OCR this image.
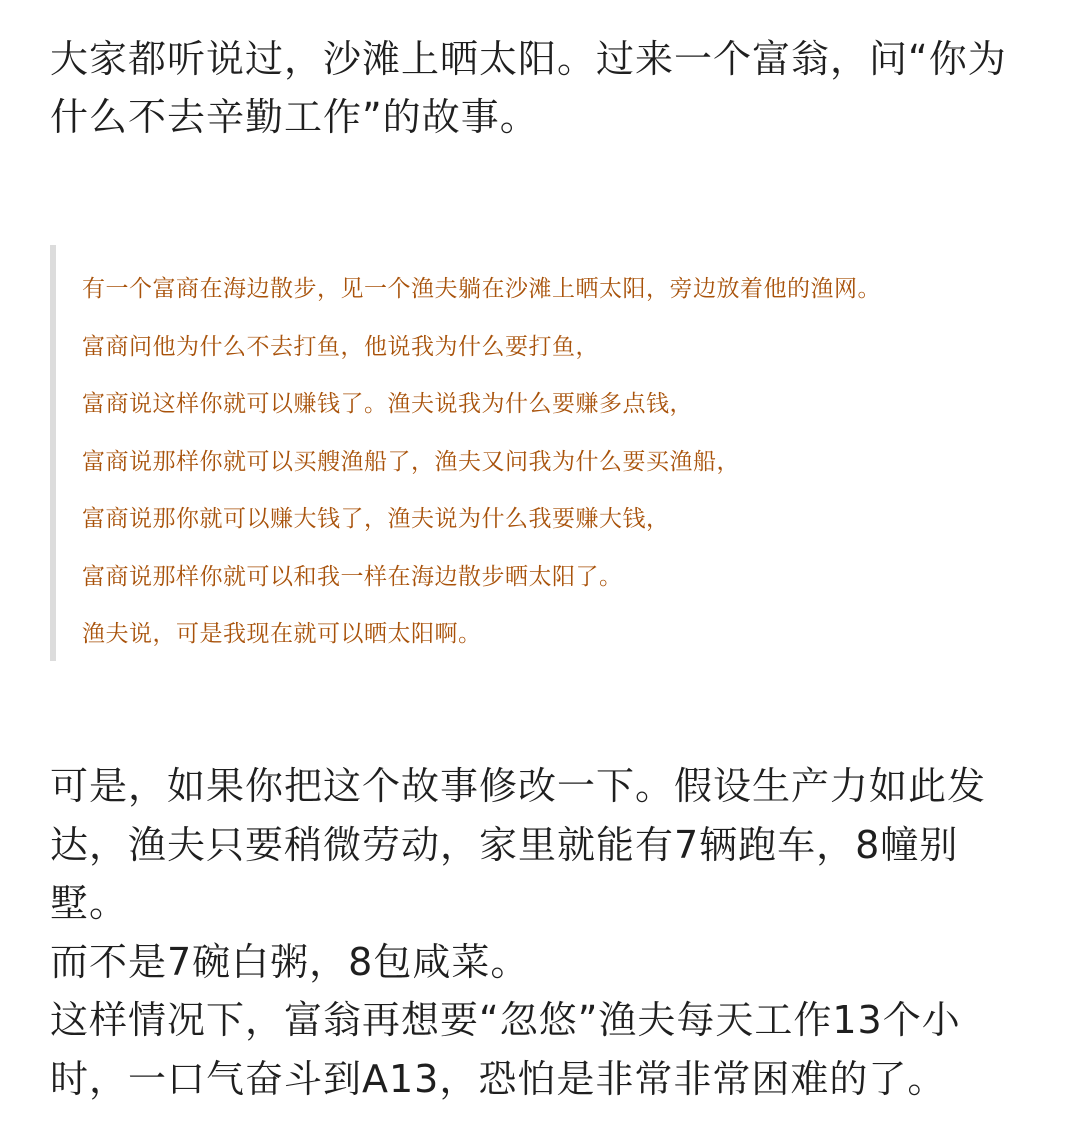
大家都听说过，沙滩上晒太阳。过来一个富翁，问“你为什么不去辛勤工作”的故事。

有一个富商在海边散步，见一个渔夫躺在沙滩上晒太阳，旁边放着他的渔网。
富商问他为什么不去打鱼，他说我为什么要打鱼，
富商说这样你就可以赚钱了。渔夫说我为什么要赚多点钱，
富商说那样你就可以买艘渔船了，渔夫又问我为什么要买渔船，
富商说那你就可以赚大钱了，渔夫说为什么我要赚大钱，
富商说那样你就可以和我一样在海边散步晒太阳了。
渔夫说，可是我现在就可以晒太阳啊。

可是，如果你把这个故事修改一下。假设生产力如此发达，渔夫只要稍微劳动，家里就能有7辆跑车，8幢别墅。

而不是7碗白粥，8包咸菜。

这样情况下，富翁再想要“忽悠”渔夫每天工作13个小时，一口气奋斗到A13，恐怕是非常非常困难的了。
